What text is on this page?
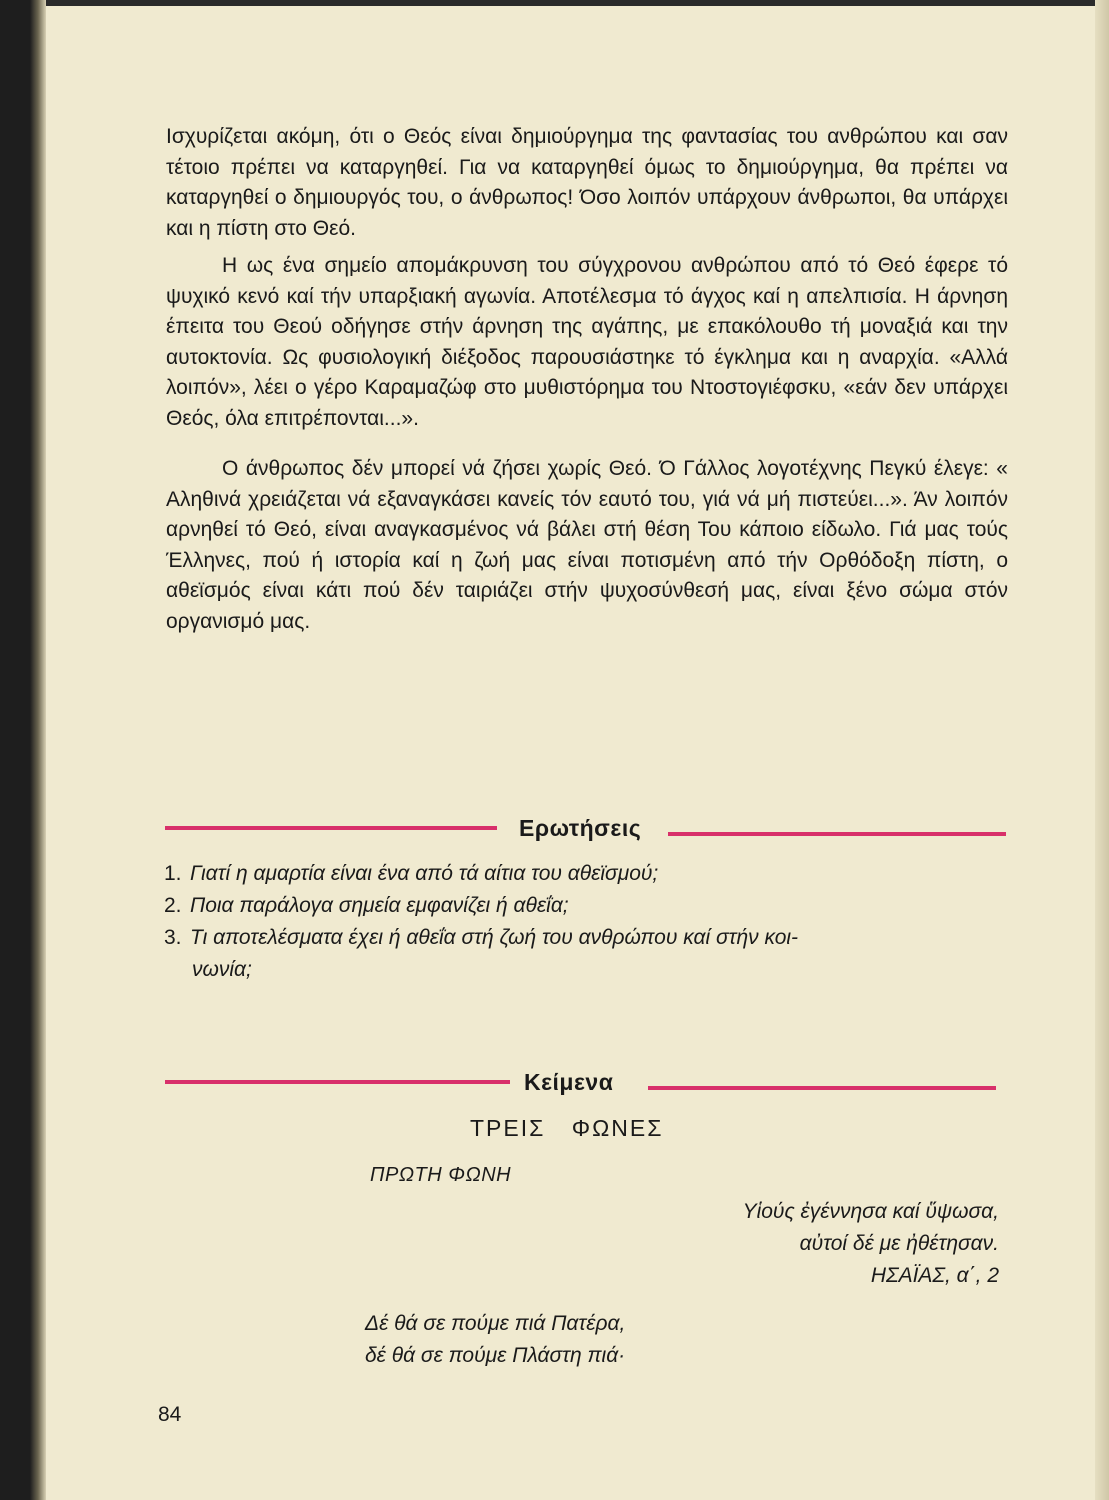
Ισχυρίζεται ακόμη, ότι ο Θεός είναι δημιούργημα της φαντασίας του ανθρώπου και σαν τέτοιο πρέπει να καταργηθεί. Για να καταργηθεί όμως το δημιούργημα, θα πρέπει να καταργηθεί ο δημιουργός του, ο άνθρωπος! Όσο λοιπόν υπάρχουν άνθρωποι, θα υπάρχει και η πίστη στο Θεό.

Η ως ένα σημείο απομάκρυνση του σύγχρονου ανθρώπου από τό Θεό έφερε τό ψυχικό κενό καί τήν υπαρξιακή αγωνία. Αποτέλεσμα τό άγχος καί η απελπισία. Η άρνηση έπειτα του Θεού οδήγησε στήν άρνηση της αγάπης, με επακόλουθο τή μοναξιά και την αυτοκτονία. Ως φυσιολογική διέξοδος παρουσιάστηκε τό έγκλημα και η αναρχία. «Αλλά λοιπόν», λέει ο γέρο Καραμαζώφ στο μυθιστόρημα του Ντοστογιέφσκυ, «εάν δεν υπάρχει Θεός, όλα επιτρέπονται...».

Ο άνθρωπος δέν μπορεί νά ζήσει χωρίς Θεό. Ό Γάλλος λογοτέχνης Πεγκύ έλεγε: « Αληθινά χρειάζεται νά εξαναγκάσει κανείς τόν εαυτό του, γιά νά μή πιστεύει...». Άν λοιπόν αρνηθεί τό Θεό, είναι αναγκασμένος νά βάλει στή θέση Του κάποιο είδωλο. Γιά μας τούς Έλληνες, πού ή ιστορία καί η ζωή μας είναι ποτισμένη από τήν Ορθόδοξη πίστη, ο αθεϊσμός είναι κάτι πού δέν ταιριάζει στήν ψυχοσύνθεσή μας, είναι ξένο σώμα στόν οργανισμό μας.

Ερωτήσεις
1. Γιατί η αμαρτία είναι ένα από τά αίτια του αθεϊσμού;
2. Ποια παράλογα σημεία εμφανίζει ή αθεΐα;
3. Τι αποτελέσματα έχει ή αθεΐα στή ζωή του ανθρώπου καί στήν κοι-
νωνία;
Κείμενα
ΤΡΕΙΣ ΦΩΝΕΣ
ΠΡΩΤΗ ΦΩΝΗ
Υἱούς ἐγέννησα καί ὕψωσα,
αὐτοί δέ με ἠθέτησαν.
ΗΣΑΪΑΣ, α΄, 2
Δέ θά σε πούμε πιά Πατέρα,
δέ θά σε πούμε Πλάστη πιά·
84
